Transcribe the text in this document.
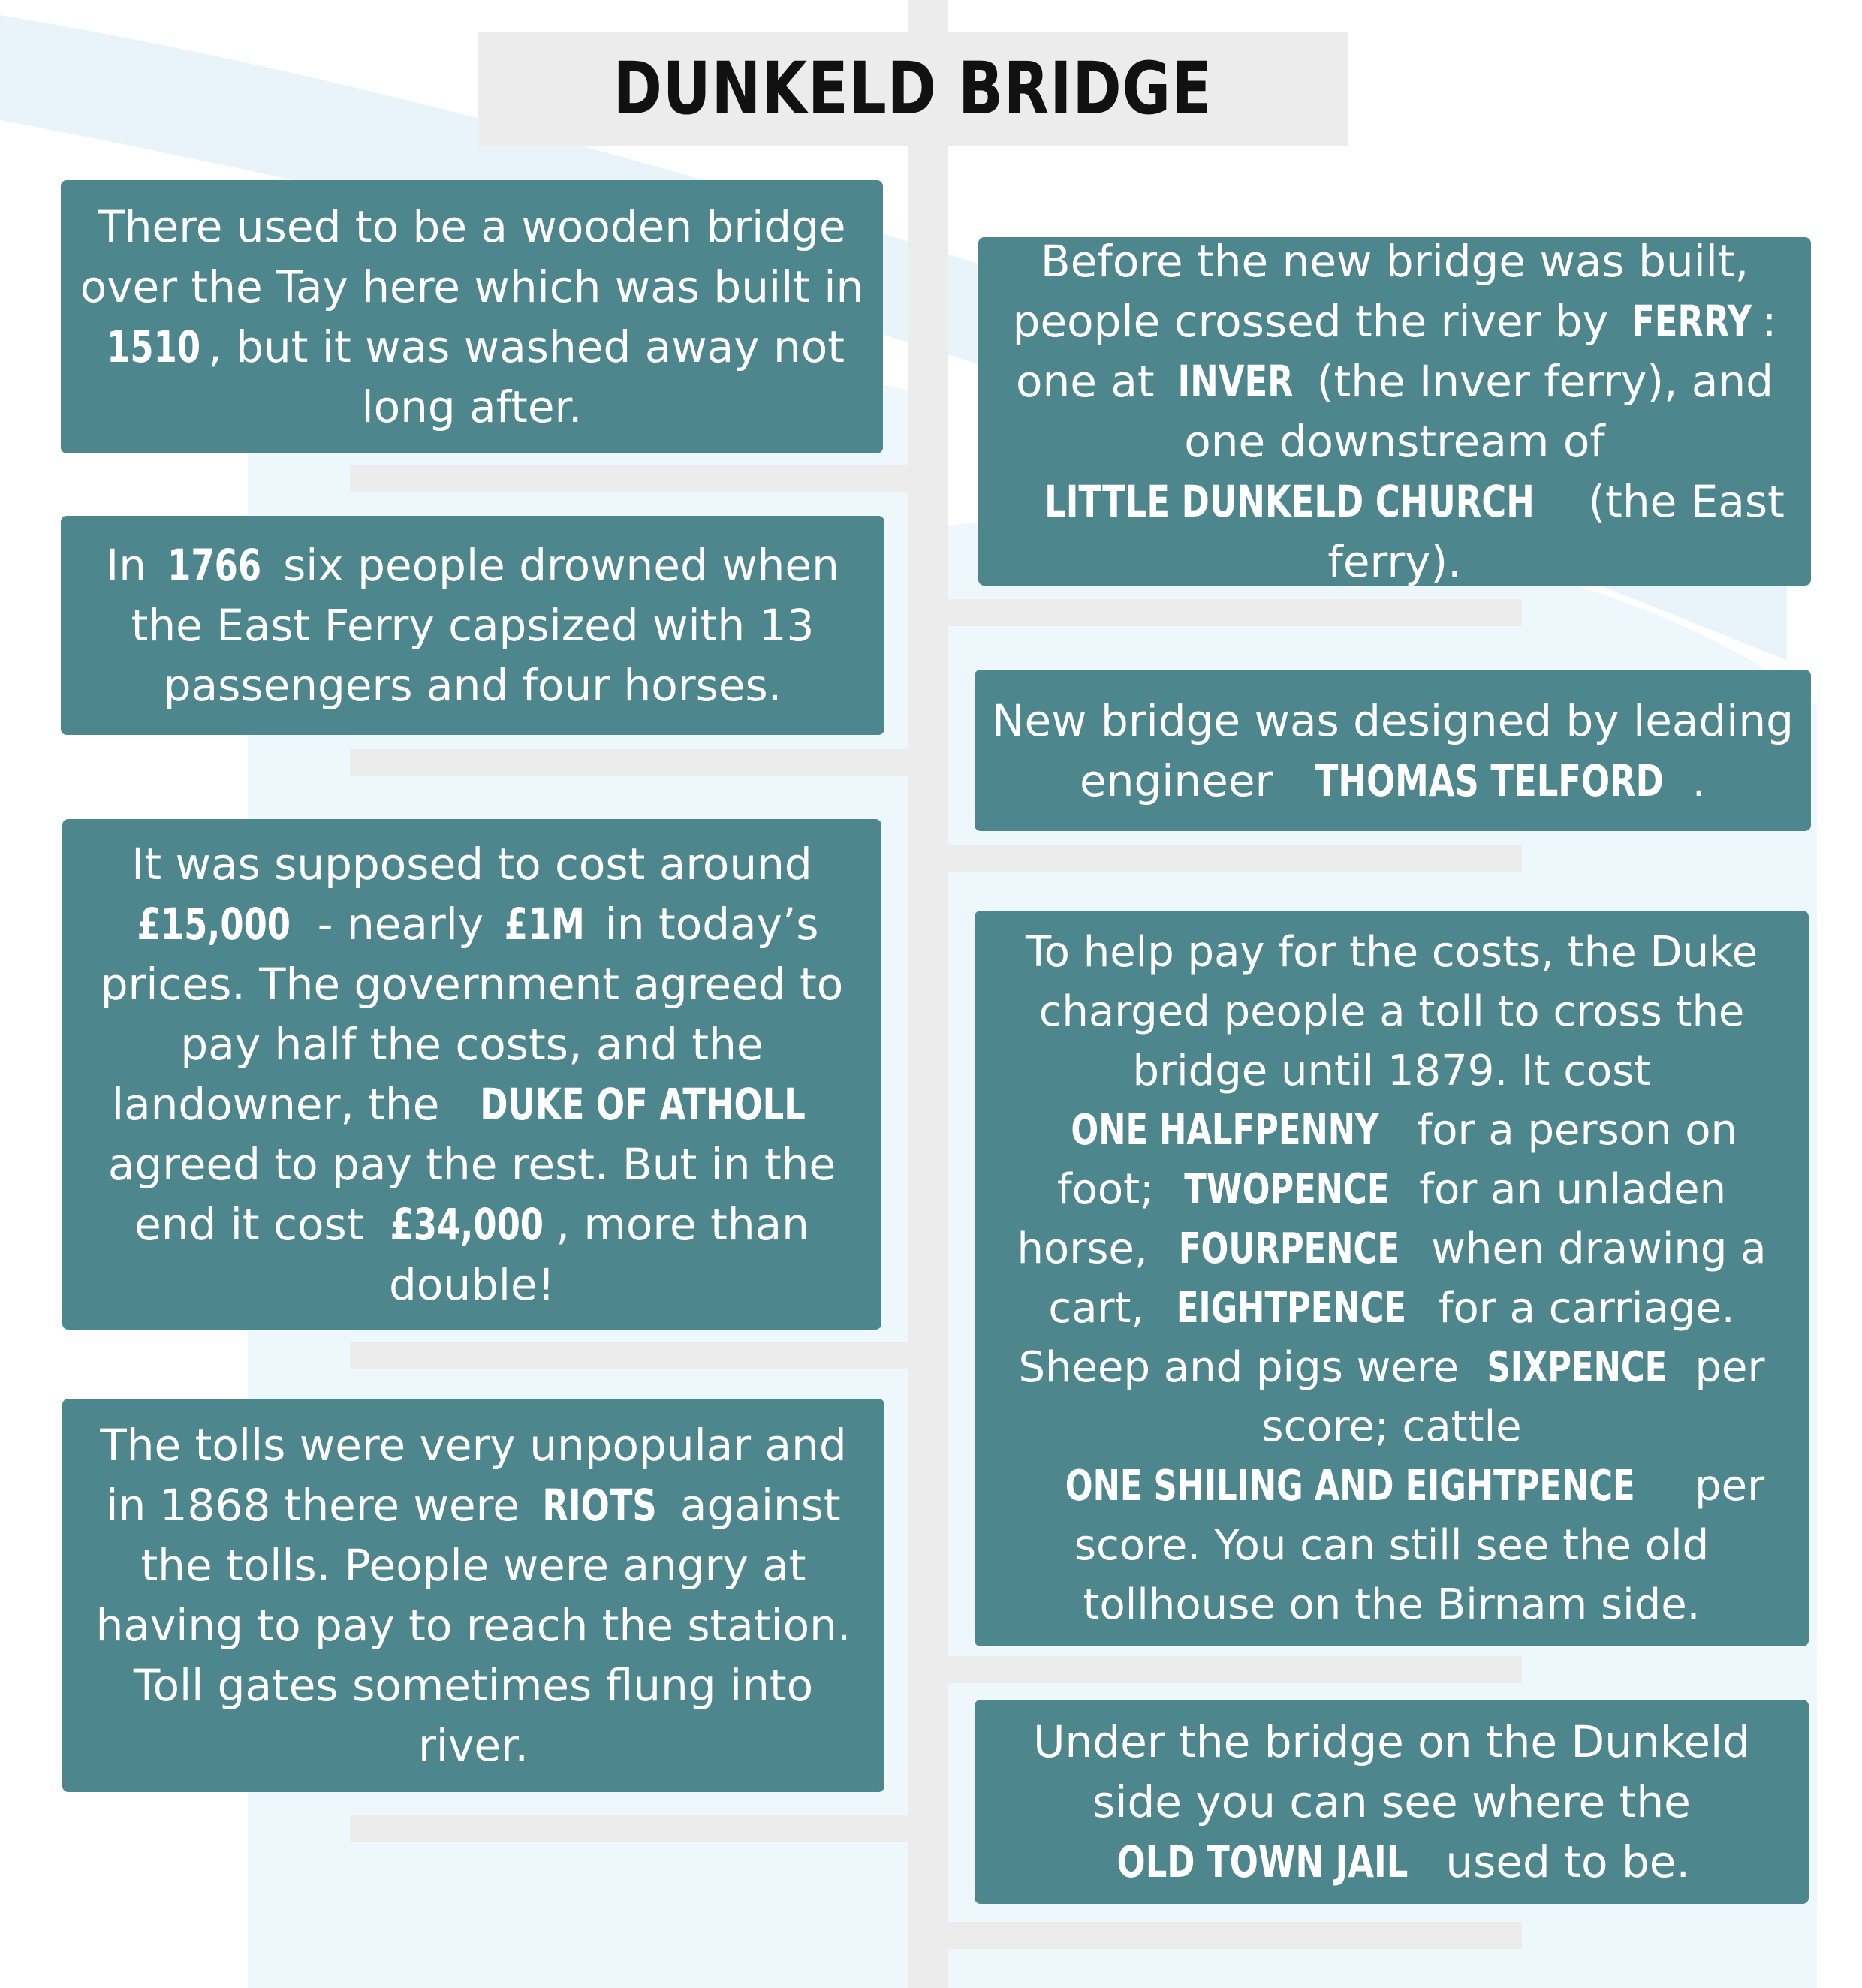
DUNKELD BRIDGE

There used to be a wooden bridge over the Tay here which was built in 1510 , but it was washed away not long after.

In 1766 six people drowned when the East Ferry capsized with 13 passengers and four horses.

It was supposed to cost around £15,000 - nearly £1M in today’s prices. The government agreed to pay half the costs, and the landowner, the DUKE OF ATHOLL agreed to pay the rest. But in the end it cost £34,000 , more than double!

The tolls were very unpopular and in 1868 there were RIOTS against the tolls. People were angry at having to pay to reach the station. Toll gates sometimes flung into river.

Before the new bridge was built, people crossed the river by FERRY : one at INVER (the Inver ferry), and one downstream of LITTLE DUNKELD CHURCH (the East ferry).

New bridge was designed by leading engineer THOMAS TELFORD .

To help pay for the costs, the Duke charged people a toll to cross the bridge until 1879. It cost ONE HALFPENNY for a person on foot; TWOPENCE for an unladen horse, FOURPENCE when drawing a cart, EIGHTPENCE for a carriage. Sheep and pigs were SIXPENCE per score; cattle ONE SHILING AND EIGHTPENCE per score. You can still see the old tollhouse on the Birnam side.

Under the bridge on the Dunkeld side you can see where the OLD TOWN JAIL used to be.
